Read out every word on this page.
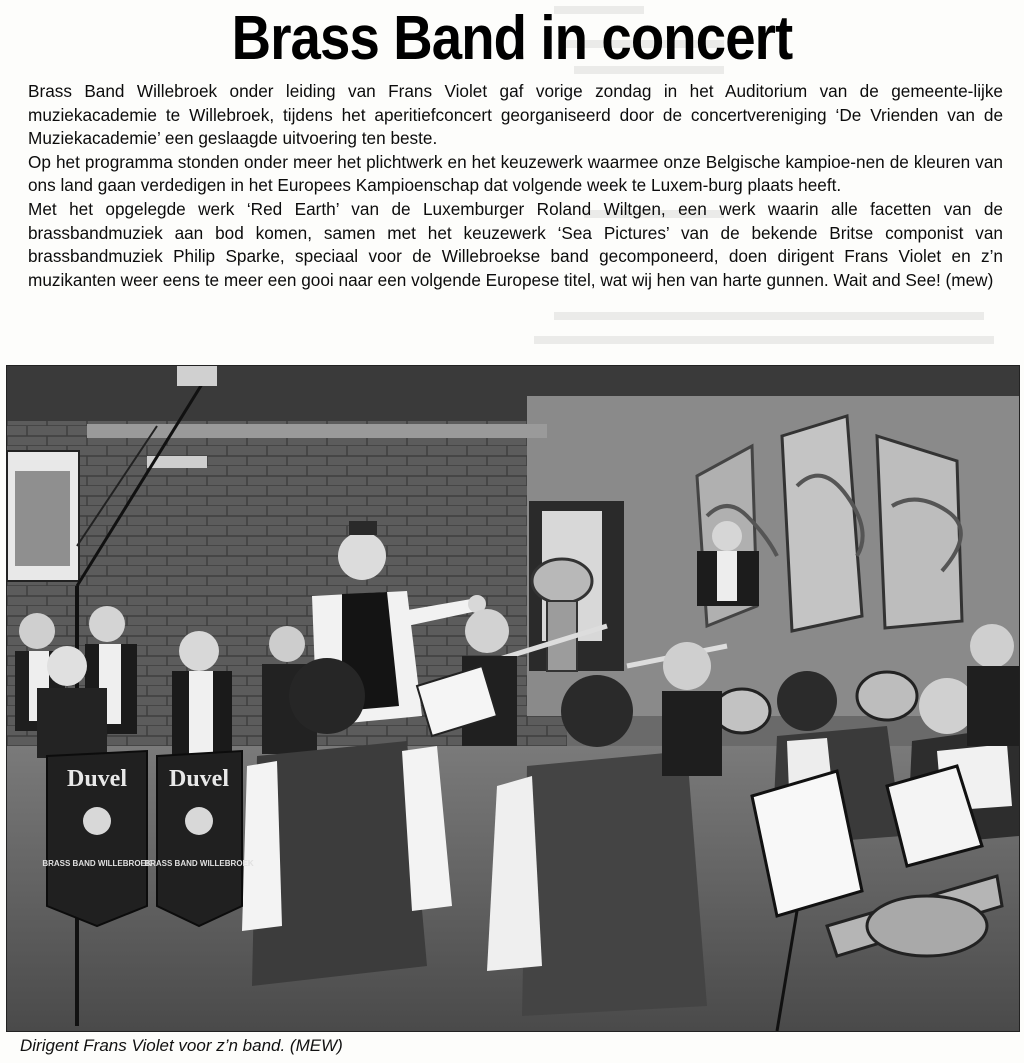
Brass Band in concert

Brass Band Willebroek onder leiding van Frans Violet gaf vorige zondag in het Auditorium van de gemeente-lijke muziekacademie te Willebroek, tijdens het aperitiefconcert georganiseerd door de concertvereniging ‘De Vrienden van de Muziekacademie’ een geslaagde uitvoering ten beste.

Op het programma stonden onder meer het plichtwerk en het keuzewerk waarmee onze Belgische kampioe-nen de kleuren van ons land gaan verdedigen in het Europees Kampioenschap dat volgende week te Luxem-burg plaats heeft.

Met het opgelegde werk ‘Red Earth’ van de Luxemburger Roland Wiltgen, een werk waarin alle facetten van de brassbandmuziek aan bod komen, samen met het keuzewerk ‘Sea Pictures’ van de bekende Britse componist van brassbandmuziek Philip Sparke, speciaal voor de Willebroekse band gecomponeerd, doen dirigent Frans Violet en z’n muzikanten weer eens te meer een gooi naar een volgende Europese titel, wat wij hen van harte gunnen. Wait and See! (mew)

Duvel
BRASS BAND WILLEBROEK
Duvel
BRASS BAND WILLEBROEK
Dirigent Frans Violet voor z’n band. (MEW)
